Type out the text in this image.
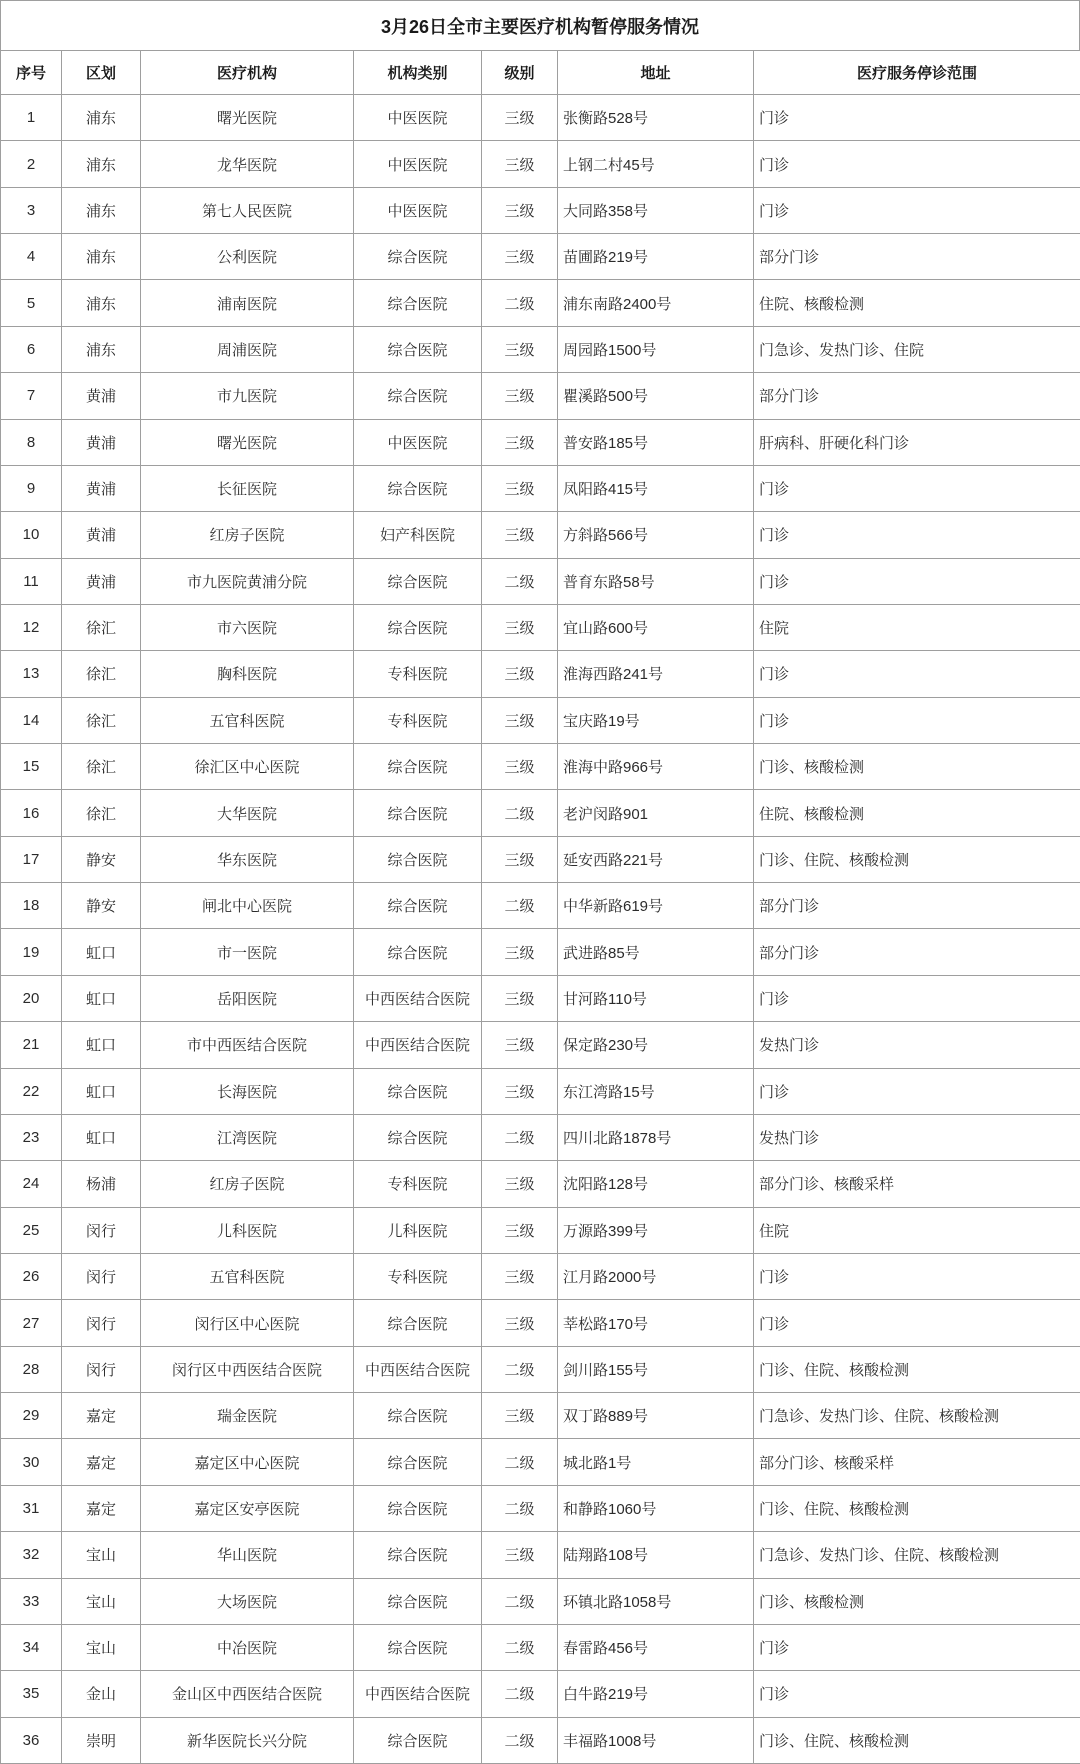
3月26日全市主要医疗机构暂停服务情况
序号	区划	医疗机构	机构类别	级别	地址	医疗服务停诊范围
1	浦东	曙光医院	中医医院	三级	张衡路528号	门诊
2	浦东	龙华医院	中医医院	三级	上钢二村45号	门诊
3	浦东	第七人民医院	中医医院	三级	大同路358号	门诊
4	浦东	公利医院	综合医院	三级	苗圃路219号	部分门诊
5	浦东	浦南医院	综合医院	二级	浦东南路2400号	住院、核酸检测
6	浦东	周浦医院	综合医院	三级	周园路1500号	门急诊、发热门诊、住院
7	黄浦	市九医院	综合医院	三级	瞿溪路500号	部分门诊
8	黄浦	曙光医院	中医医院	三级	普安路185号	肝病科、肝硬化科门诊
9	黄浦	长征医院	综合医院	三级	凤阳路415号	门诊
10	黄浦	红房子医院	妇产科医院	三级	方斜路566号	门诊
11	黄浦	市九医院黄浦分院	综合医院	二级	普育东路58号	门诊
12	徐汇	市六医院	综合医院	三级	宜山路600号	住院
13	徐汇	胸科医院	专科医院	三级	淮海西路241号	门诊
14	徐汇	五官科医院	专科医院	三级	宝庆路19号	门诊
15	徐汇	徐汇区中心医院	综合医院	三级	淮海中路966号	门诊、核酸检测
16	徐汇	大华医院	综合医院	二级	老沪闵路901	住院、核酸检测
17	静安	华东医院	综合医院	三级	延安西路221号	门诊、住院、核酸检测
18	静安	闸北中心医院	综合医院	二级	中华新路619号	部分门诊
19	虹口	市一医院	综合医院	三级	武进路85号	部分门诊
20	虹口	岳阳医院	中西医结合医院	三级	甘河路110号	门诊
21	虹口	市中西医结合医院	中西医结合医院	三级	保定路230号	发热门诊
22	虹口	长海医院	综合医院	三级	东江湾路15号	门诊
23	虹口	江湾医院	综合医院	二级	四川北路1878号	发热门诊
24	杨浦	红房子医院	专科医院	三级	沈阳路128号	部分门诊、核酸采样
25	闵行	儿科医院	儿科医院	三级	万源路399号	住院
26	闵行	五官科医院	专科医院	三级	江月路2000号	门诊
27	闵行	闵行区中心医院	综合医院	三级	莘松路170号	门诊
28	闵行	闵行区中西医结合医院	中西医结合医院	二级	剑川路155号	门诊、住院、核酸检测
29	嘉定	瑞金医院	综合医院	三级	双丁路889号	门急诊、发热门诊、住院、核酸检测
30	嘉定	嘉定区中心医院	综合医院	二级	城北路1号	部分门诊、核酸采样
31	嘉定	嘉定区安亭医院	综合医院	二级	和静路1060号	门诊、住院、核酸检测
32	宝山	华山医院	综合医院	三级	陆翔路108号	门急诊、发热门诊、住院、核酸检测
33	宝山	大场医院	综合医院	二级	环镇北路1058号	门诊、核酸检测
34	宝山	中冶医院	综合医院	二级	春雷路456号	门诊
35	金山	金山区中西医结合医院	中西医结合医院	二级	白牛路219号	门诊
36	崇明	新华医院长兴分院	综合医院	二级	丰福路1008号	门诊、住院、核酸检测
